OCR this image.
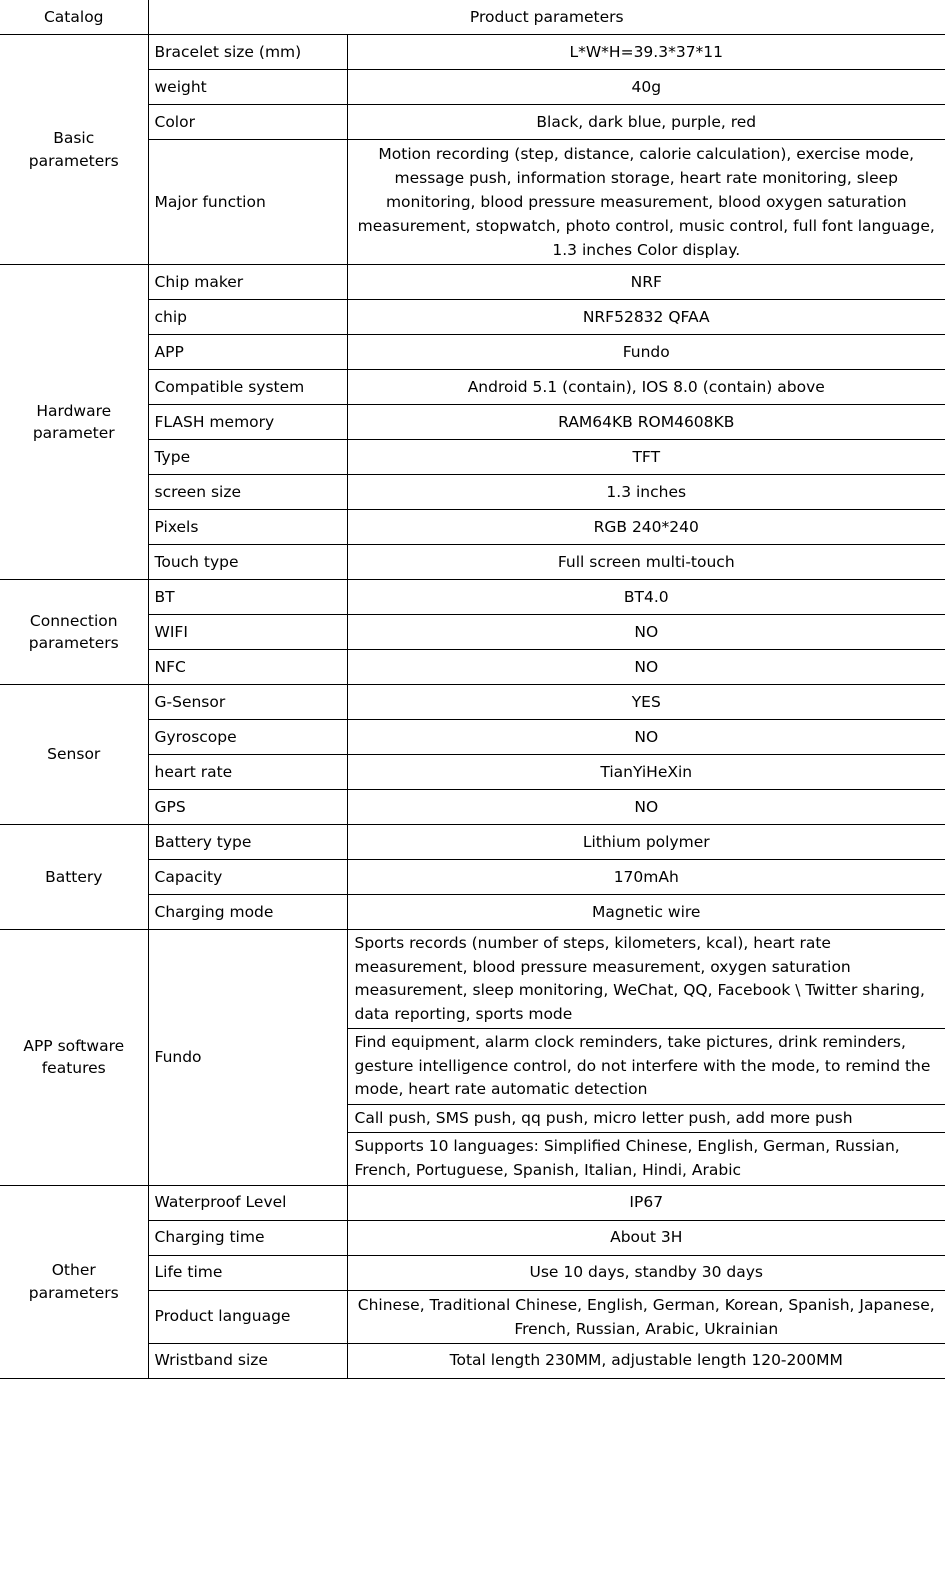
Catalog	Product parameters	
Basic
parameters	Bracelet size (mm)	L*W*H=39.3*37*11
	weight	40g
	Color	Black, dark blue, purple, red
	Major function	Motion recording (step, distance, calorie calculation), exercise mode, message push, information storage, heart rate monitoring, sleep monitoring, blood pressure measurement, blood oxygen saturation measurement, stopwatch, photo control, music control, full font language, 1.3 inches Color display.
Hardware
parameter	Chip maker	NRF
	chip	NRF52832 QFAA
	APP	Fundo
	Compatible system	Android 5.1 (contain), IOS 8.0 (contain) above
	FLASH memory	RAM64KB ROM4608KB
	Type	TFT
	screen size	1.3 inches
	Pixels	RGB 240*240
	Touch type	Full screen multi-touch
Connection
parameters	BT	BT4.0
	WIFI	NO
	NFC	NO
Sensor	G-Sensor	YES
	Gyroscope	NO
	heart rate	TianYiHeXin
	GPS	NO
Battery	Battery type	Lithium polymer
	Capacity	170mAh
	Charging mode	Magnetic wire
APP software
features	Fundo	Sports records (number of steps, kilometers, kcal), heart rate measurement, blood pressure measurement, oxygen saturation measurement, sleep monitoring, WeChat, QQ, Facebook \ Twitter sharing, data reporting, sports mode
		Find equipment, alarm clock reminders, take pictures, drink reminders, gesture intelligence control, do not interfere with the mode, to remind the mode, heart rate automatic detection
		Call push, SMS push, qq push, micro letter push, add more push
		Supports 10 languages: Simplified Chinese, English, German, Russian, French, Portuguese, Spanish, Italian, Hindi, Arabic
Other
parameters	Waterproof Level	IP67
	Charging time	About 3H
	Life time	Use 10 days, standby 30 days
	Product language	Chinese, Traditional Chinese, English, German, Korean, Spanish, Japanese, French, Russian, Arabic, Ukrainian
	Wristband size	Total length 230MM, adjustable length 120-200MM
